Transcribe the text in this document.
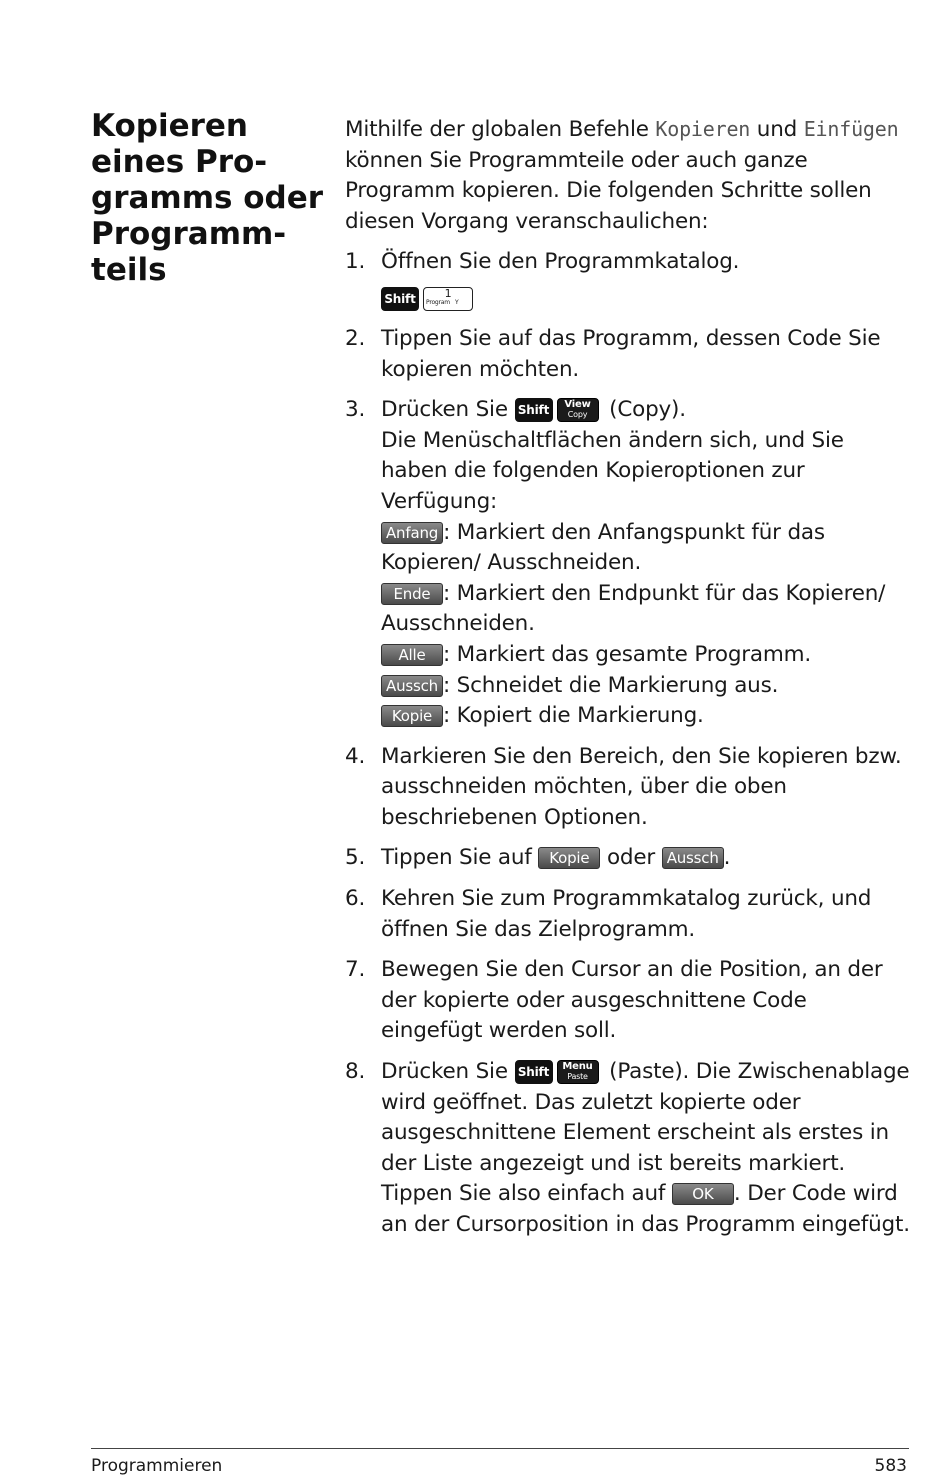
Kopieren
eines Pro-
gramms oder
Programm-
teils

Mithilfe der globalen Befehle Kopieren und Einfügen können Sie Programmteile oder auch ganze Programm kopieren. Die folgenden Schritte sollen diesen Vorgang veranschaulichen:

1. Öffnen Sie den Programmkatalog.

Shift	1
Program Y
2. Tippen Sie auf das Programm, dessen Code Sie kopieren möchten.

3. Drücken Sie Shift	View
Copy (Copy).

Die Menüschaltflächen ändern sich, und Sie haben die folgenden Kopieroptionen zur Verfügung:

Anfang : Markiert den Anfangspunkt für das Kopieren/ Ausschneiden.

Ende : Markiert den Endpunkt für das Kopieren/ Ausschneiden.

Alle : Markiert das gesamte Programm.

Aussch : Schneidet die Markierung aus.

Kopie : Kopiert die Markierung.

4. Markieren Sie den Bereich, den Sie kopieren bzw. ausschneiden möchten, über die oben beschriebenen Optionen.

5. Tippen Sie auf Kopie oder Aussch .

6. Kehren Sie zum Programmkatalog zurück, und öffnen Sie das Zielprogramm.

7. Bewegen Sie den Cursor an die Position, an der der kopierte oder ausgeschnittene Code eingefügt werden soll.

8. Drücken Sie Shift	Menu
Paste (Paste). Die Zwischenablage wird geöffnet. Das zuletzt kopierte oder ausgeschnittene Element erscheint als erstes in der Liste angezeigt und ist bereits markiert. Tippen Sie also einfach auf OK . Der Code wird an der Cursorposition in das Programm eingefügt.

Programmieren	583
